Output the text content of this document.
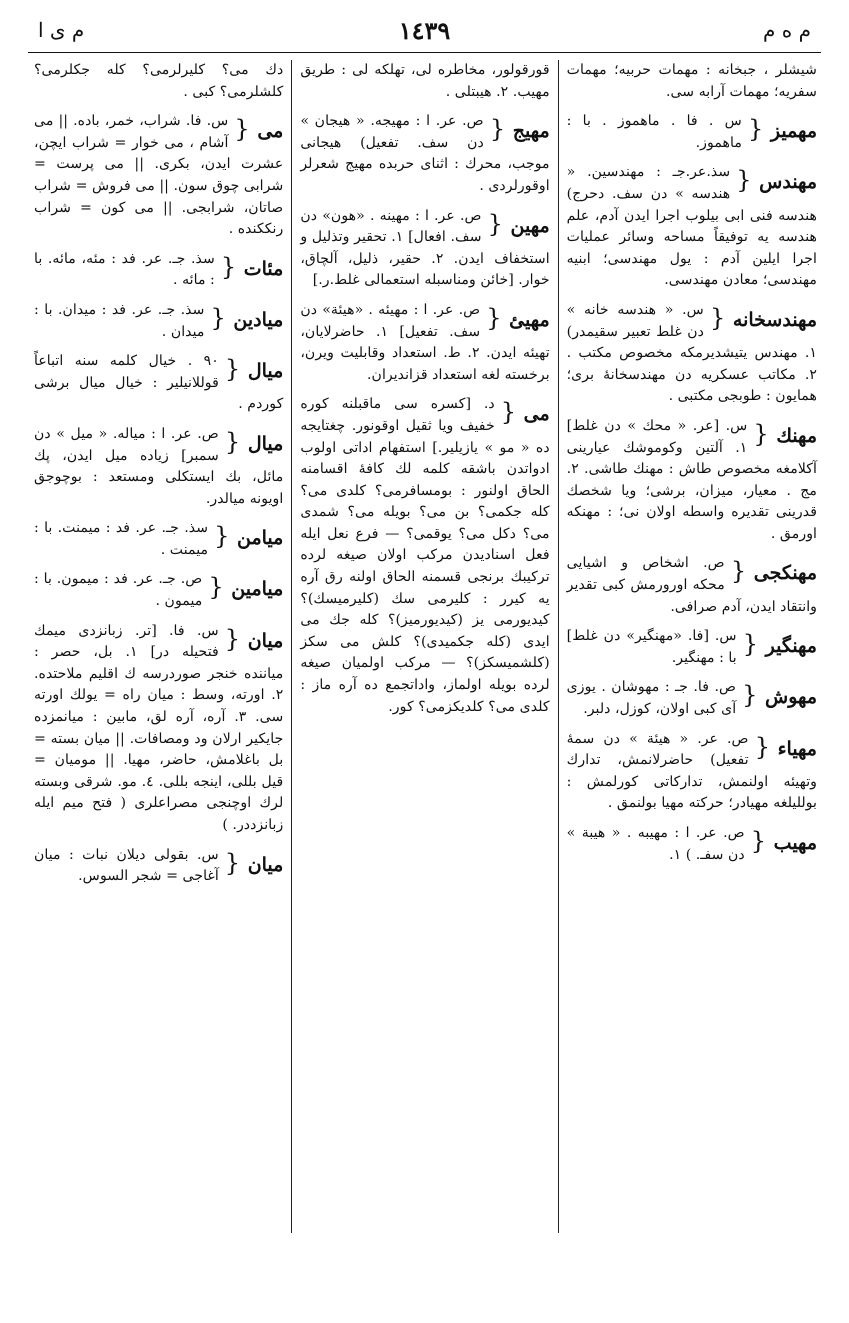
م ی ا	١٤٣٩	م ه م
شیشلر ، جبخانه : مهمات حربیه؛ مهمات سفریه؛ مهمات آرابه سی.
مهمیز {
س . فا . ماهموز . با : ماهموز.
مهندس {
سذ.عر.جـ : مهندسین. « هندسه » دن سف. دحرج) هندسه فنی ابی بیلوب اجرا ایدن آدم، علم هندسه یه توفیقاً مساحه وسائر عملیات اجرا ایلین آدم : یول مهندسی؛ ابنیه مهندسی؛ معادن مهندسی.
مهندسخانه {
س. « هندسه خانه » دن غلط تعبیر سقیمدر) ١. مهندس یتیشدیرمکه مخصوص مکتب . ٢. مکاتب عسکریه دن مهندسخانهٔ بری؛ همایون : طوبجی مکتبی .
مهنك {
س. [عر. « محك » دن غلط] ١. آلتین وکوموشك عیارینی آکلامغه مخصوص طاش : مهنك طاشی. ٢. مج . معیار، میزان، برشی؛ ویا شخصك قدرینی تقدیره واسطه اولان نی؛ : مهنکه اورمق .
مهنکجی {
ص. اشخاص و اشیایی محکه اورورمش کبی تقدیر وانتقاد ایدن، آدم صرافی.
مهنگیر {
س. [فا. «مهنگیر» دن غلط] با : مهنگیر.
مهوش {
ص. فا. جـ : مهوشان . یوزی آی کبی اولان، کوزل، دلبر.
مهیاء {
ص. عر. « هیئة » دن سمهٔ تفعیل) حاضرلانمش، تدارك وتهیئه اولنمش، تدارکاتی کورلمش : بوللیلغه مهیادر؛ حرکته مهیا بولنمق .
مهیب {
ص. عر. ا : مهیبه . « هیبة » دن سفـ. ) ١.
قورقولور، مخاطره لی، تهلکه لی : طریق مهیب. ٢. هیبتلی .
مهیج {
ص. عر. ا : مهیجه. « هیجان » دن سف. تفعیل) هیجانی موجب، محرك : اثنای حربده مهیج شعرلر اوقورلردی .
مهین {
ص. عر. ا : مهینه . «هون» دن سف. افعال] ١. تحقیر وتذلیل و استخفاف ایدن. ٢. حقیر، ذلیل، آلچاق، خوار. [خائن ومناسبله استعمالی غلط.ر.]
مهیئ {
ص. عر. ا : مهیئه . «هیئة» دن سف. تفعیل] ١. حاضرلایان، تهیئه ایدن. ٢. ط. استعداد وقابلیت ویرن، برخسته لغه استعداد قزاندیران.
می {
د. [کسره سی ماقبلنه کوره خفیف ویا ثقیل اوقونور. چغتایجه ده « مو » یازیلیر.] استفهام اداتی اولوب ادواتدن باشقه کلمه لك کافهٔ اقسامنه الحاق اولنور : بومسافرمی؟ کلدی می؟ کله جکمی؟ بن می؟ بویله می؟ شمدی می؟ دکل می؟ یوقمی؟ — فرع نعل ایله فعل اسنادیدن مرکب اولان صیغه لرده ترکیبك برنجی قسمنه الحاق اولنه رق آره یه کیرر : کلیرمی سك (کلیرمیسك)؟ کیدیورمی یز (کیدیورمیز)؟ کله جك می ایدی (کله جکمیدی)؟ کلش می سکز (کلشمیسکز)؟ — مرکب اولمیان صیغه لرده بویله اولماز، واداتجمع ده آره ماز : کلدی می؟ کلدیکزمی؟ کور.
دك می؟ کلیرلرمی؟ کله جکلرمی؟ کلشلرمی؟ کبی .
می {
س. فا. شراب، خمر، باده. || می آشام ، می خوار = شراب ایچن، عشرت ایدن، بکری. || می پرست = شرابی چوق سون. || می فروش = شراب صاتان، شرابجی. || می کون = شراب رنککنده .
مئات {
سذ. جـ. عر. فد : مئه، مائه. با : مائه .
میادین {
سذ. جـ. عر. فد : میدان. با : میدان .
میال {
٩٠ . خیال کلمه سنه اتباعاً قوللانیلیر : خیال میال برشی کوردم .
میال {
ص. عر. ا : میاله. « میل » دن سمبر] زیاده میل ایدن، پك مائل، بك ایستکلی ومستعد : بوچوجق اویونه میالدر.
میامن {
سذ. جـ. عر. فد : میمنت. با : میمنت .
میامین {
ص. جـ. عر. فد : میمون. با : میمون .
میان {
س. فا. [تر. زبانزدی میمك فتحیله در] ١. بل، حصر : میاننده خنجر صوردرسه ك اقلیم ملاحتده. ٢. اورته، وسط : میان راه = یولك اورته سی. ٣. آره، آره لق، مابین : میانمزده جایکیر ارلان ود ومصافات. || میان بسته = بل باغلامش، حاضر، مهیا. || مومیان = قیل بللی، اینجه بللی. ٤. مو. شرقی وبسته لرك اوچنجی مصراعلری ( فتح میم ایله زبانزددر. )
میان {
س. بقولی دیلان نبات : میان آغاجی = شجر السوس.
